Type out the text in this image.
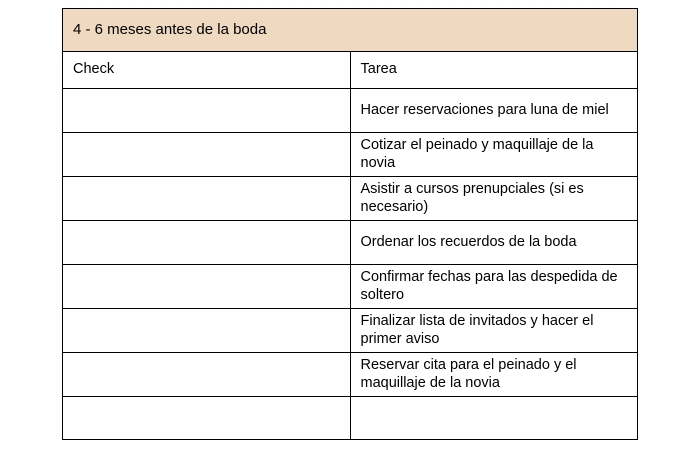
4 - 6 meses antes de la boda	
Check	Tarea
	Hacer reservaciones para luna de miel
	Cotizar el peinado y maquillaje de la novia
	Asistir a cursos prenupciales (si es necesario)
	Ordenar los recuerdos de la boda
	Confirmar fechas para las despedida de soltero
	Finalizar lista de invitados y hacer el primer aviso
	Reservar cita para el peinado y el maquillaje de la novia
